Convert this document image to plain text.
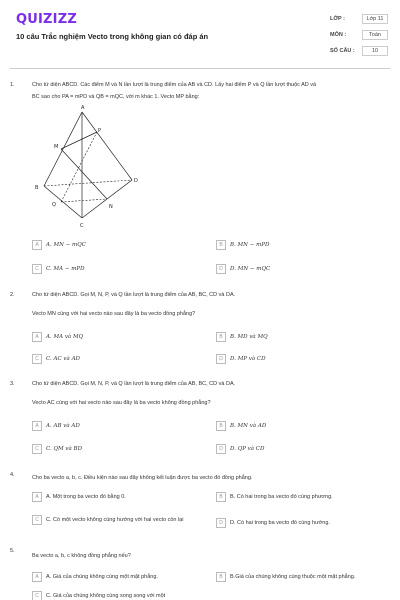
QUIZIZZ
10 câu Trắc nghiệm Vecto trong không gian có đáp án
LỚP :	Lớp 11
MÔN :	Toán
SỐ CÂU :	10
1.	Cho tứ diện ABCD. Các điểm M và N lần lượt là trung điểm của AB và CD. Lấy hai điểm P và Q lần lượt thuộc AD và
BC sao cho PA = mPD và QB = mQC, với m khác 1. Vecto MP bằng:
A
B
C
D
M
N
P
Q
A	A. MN − mQC	B	B. MN − mPD
C	C. MA − mPD	D	D. MN − mQC
2.	Cho tứ diện ABCD. Gọi M, N, P, và Q lần lượt là trung điểm của AB, BC, CD và DA.
Vecto MN cùng với hai vecto nào sau đây là ba vecto đồng phẳng?
A	A. MA và MQ	B	B. MD và MQ
C	C. AC và AD	D	D. MP và CD
3.	Cho tứ diện ABCD. Gọi M, N, P, và Q lần lượt là trung điểm của AB, BC, CD và DA.
Vecto AC cùng với hai vecto nào sau đây là ba vecto không đồng phẳng?
A	A. AB và AD	B	B. MN và AD
C	C. QM và BD	D	D. QP và CD
4.	Cho ba vecto a, b, c. Điều kiện nào sau đây không kết luận được ba vecto đó đồng phẳng.
A	A. Một trong ba vecto đó bằng 0.	B	B. Có hai trong ba vecto đó cùng phương.
C	C. Có một vecto không cùng hướng với hai vecto còn lại
D	D. Có hai trong ba vecto đó cùng hướng.
5.
Ba vecto a, b, c không đồng phẳng nếu?
A	A. Giá của chúng không cùng một mặt phẳng.	B	B.Giá của chúng không cùng thuộc một mặt phẳng.
C	C. Giá của chúng không cùng song song với một
